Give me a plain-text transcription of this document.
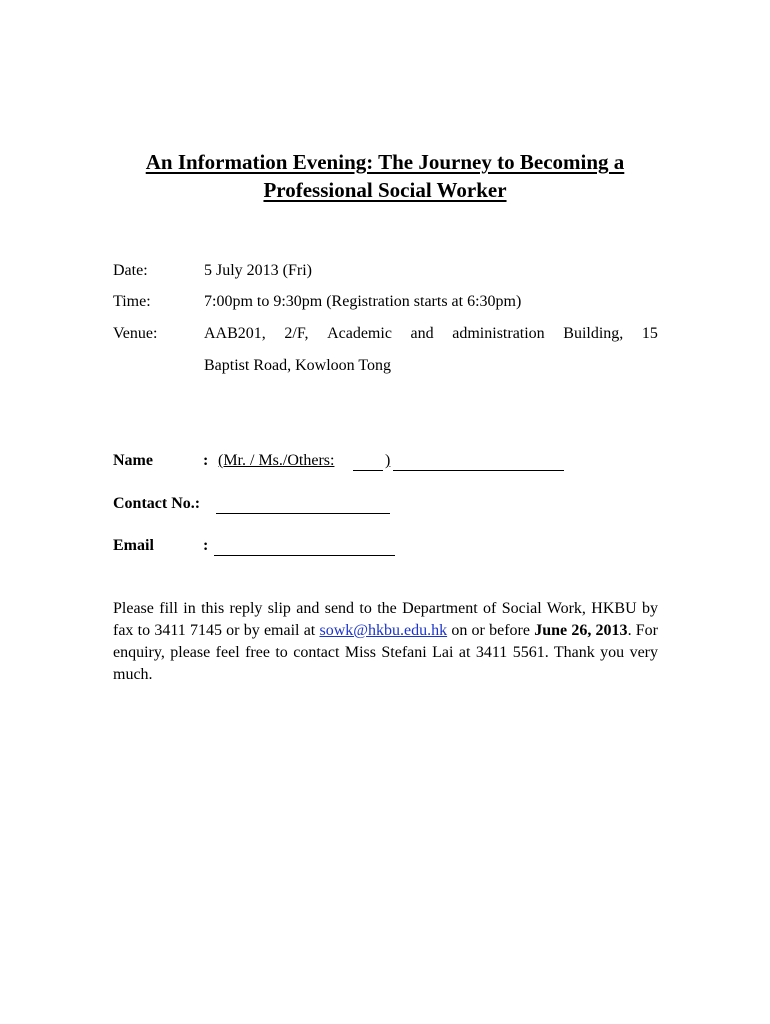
An Information Evening: The Journey to Becoming a
Professional Social Worker
Date:	5 July 2013 (Fri)
Time:	7:00pm to 9:30pm (Registration starts at 6:30pm)
Venue:	AAB201, 2/F, Academic and administration Building, 15
Baptist Road, Kowloon Tong
Name	: (Mr. / Ms./Others:	)
Contact No.:
Email	:
Please fill in this reply slip and send to the Department of Social Work, HKBU by fax to 3411 7145 or by email at sowk@hkbu.edu.hk on or before June 26, 2013. For enquiry, please feel free to contact Miss Stefani Lai at 3411 5561. Thank you very much.
